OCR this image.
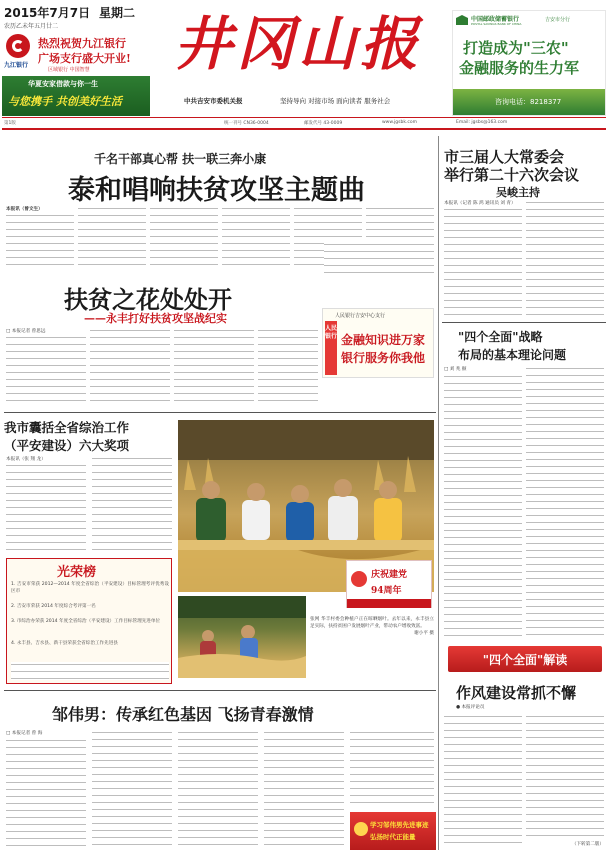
2015年7月7日 星期二
农历乙未年五月廿二
九江银行
热烈祝贺九江银行
广场支行盛大开业!
区域银行 中国智慧
华夏安家借款与你一生
与您携手 共创美好生活
井冈山报
中共吉安市委机关报	坚持导向 对接市场 面向读者 服务社会
中国邮政储蓄银行
POSTAL SAVINGS BANK OF CHINA
吉安市分行
打造成为"三农"
金融服务的生力军
咨询电话：8218377
第1版	统一刊号 CN36-0004	邮发代号 43-0009	www.jgsbk.com	Email: jgsbs@163.com
千名干部真心帮 扶一联三奔小康
泰和唱响扶贫攻坚主题曲
本报讯（曾文生）
扶贫之花处处开
——永丰打好扶贫攻坚战纪实
□ 本报记者 曾思远
人民银行吉安中心支行
人民银行 金融知识进万家
银行服务你我他
市三届人大常委会
举行第二十六次会议
吴峻主持
本报讯（记者 陈 鸿 通讯员 刘 青）
"四个全面"战略
布局的基本理论问题
□ 刘 兆 颐
"四个全面"解读
作风建设常抓不懈
● 本报评论员
（下转第二版）
我市囊括全省综治工作
（平安建设）六大奖项
本报讯（张 翔 龙）
光荣榜
1. 吉安市荣获 2012—2014 年度全省综治（平安建设）目标管理考评优秀设区市
2. 吉安市荣获 2014 年度综合考评第一名
3. 市综治办荣获 2014 年度全省综治（平安建设）工作目标管理先进单位
4. 永丰县、吉水县、新干县荣获全省综治工作先进县
庆祝建党
94周年
张网 华丰村委会种植户正在晾晒烟叶。去年以来，永丰县立足实际，扶持贫困户发展烟叶产业，带动农户增收致富。
谢小平 摄
邹伟男：传承红色基因 飞扬青春激情
□ 本报记者 曾 海
学习邹伟男先进事迹
弘扬时代正能量
